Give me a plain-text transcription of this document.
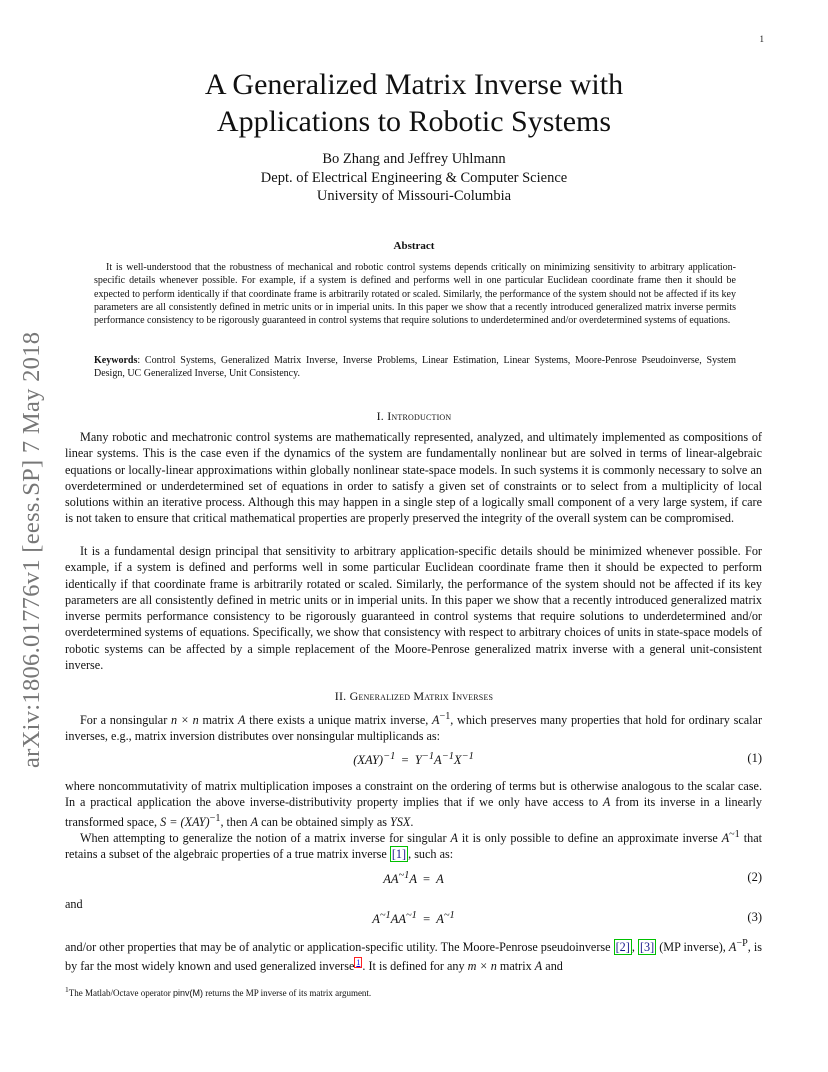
1
arXiv:1806.01776v1 [eess.SP] 7 May 2018
A Generalized Matrix Inverse with
Applications to Robotic Systems
Bo Zhang and Jeffrey Uhlmann
Dept. of Electrical Engineering & Computer Science
University of Missouri-Columbia
Abstract
It is well-understood that the robustness of mechanical and robotic control systems depends critically on minimizing sensitivity to arbitrary application-specific details whenever possible. For example, if a system is defined and performs well in one particular Euclidean coordinate frame then it should be expected to perform identically if that coordinate frame is arbitrarily rotated or scaled. Similarly, the performance of the system should not be affected if its key parameters are all consistently defined in metric units or in imperial units. In this paper we show that a recently introduced generalized matrix inverse permits performance consistency to be rigorously guaranteed in control systems that require solutions to underdetermined and/or overdetermined systems of equations.
Keywords: Control Systems, Generalized Matrix Inverse, Inverse Problems, Linear Estimation, Linear Systems, Moore-Penrose Pseudoinverse, System Design, UC Generalized Inverse, Unit Consistency.
I. Introduction
Many robotic and mechatronic control systems are mathematically represented, analyzed, and ultimately implemented as compositions of linear systems. This is the case even if the dynamics of the system are fundamentally nonlinear but are solved in terms of linear-algebraic equations or locally-linear approximations within globally nonlinear state-space models. In such systems it is commonly necessary to solve an overdetermined or underdetermined set of equations in order to satisfy a given set of constraints or to select from a multiplicity of local solutions within an iterative process. Although this may happen in a single step of a logically small component of a very large system, if care is not taken to ensure that critical mathematical properties are properly preserved the integrity of the overall system can be compromised.
It is a fundamental design principal that sensitivity to arbitrary application-specific details should be minimized whenever possible. For example, if a system is defined and performs well in some particular Euclidean coordinate frame then it should be expected to perform identically if that coordinate frame is arbitrarily rotated or scaled. Similarly, the performance of the system should not be affected if its key parameters are all consistently defined in metric units or in imperial units. In this paper we show that a recently introduced generalized matrix inverse permits performance consistency to be rigorously guaranteed in control systems that require solutions to underdetermined and/or overdetermined systems of equations. Specifically, we show that consistency with respect to arbitrary choices of units in state-space models of robotic systems can be affected by a simple replacement of the Moore-Penrose generalized matrix inverse with a general unit-consistent inverse.
II. Generalized Matrix Inverses
For a nonsingular n × n matrix A there exists a unique matrix inverse, $A^{-1}$, which preserves many properties that hold for ordinary scalar inverses, e.g., matrix inversion distributes over nonsingular multiplicands as:
$(XAY)^{-1} = Y^{-1}A^{-1}X^{-1}$	(1)
where noncommutativity of matrix multiplication imposes a constraint on the ordering of terms but is otherwise analogous to the scalar case. In a practical application the above inverse-distributivity property implies that if we only have access to A from its inverse in a linearly transformed space, S = (XAY)$^{-1}$, then A can be obtained simply as YSX.
When attempting to generalize the notion of a matrix inverse for singular A it is only possible to define an approximate inverse $A^{\sim 1}$ that retains a subset of the algebraic properties of a true matrix inverse [1] , such as:
$AA^{\sim 1}A = A$	(2)
and
$A^{\sim 1}AA^{\sim 1} = A^{\sim 1}$	(3)
and/or other properties that may be of analytic or application-specific utility. The Moore-Penrose pseudoinverse [2] , [3] (MP inverse), $A^{-P}$, is by far the most widely known and used generalized inverse $^1$ . It is defined for any m × n matrix A and
$^1$The Matlab/Octave operator pinv(M) returns the MP inverse of its matrix argument.
